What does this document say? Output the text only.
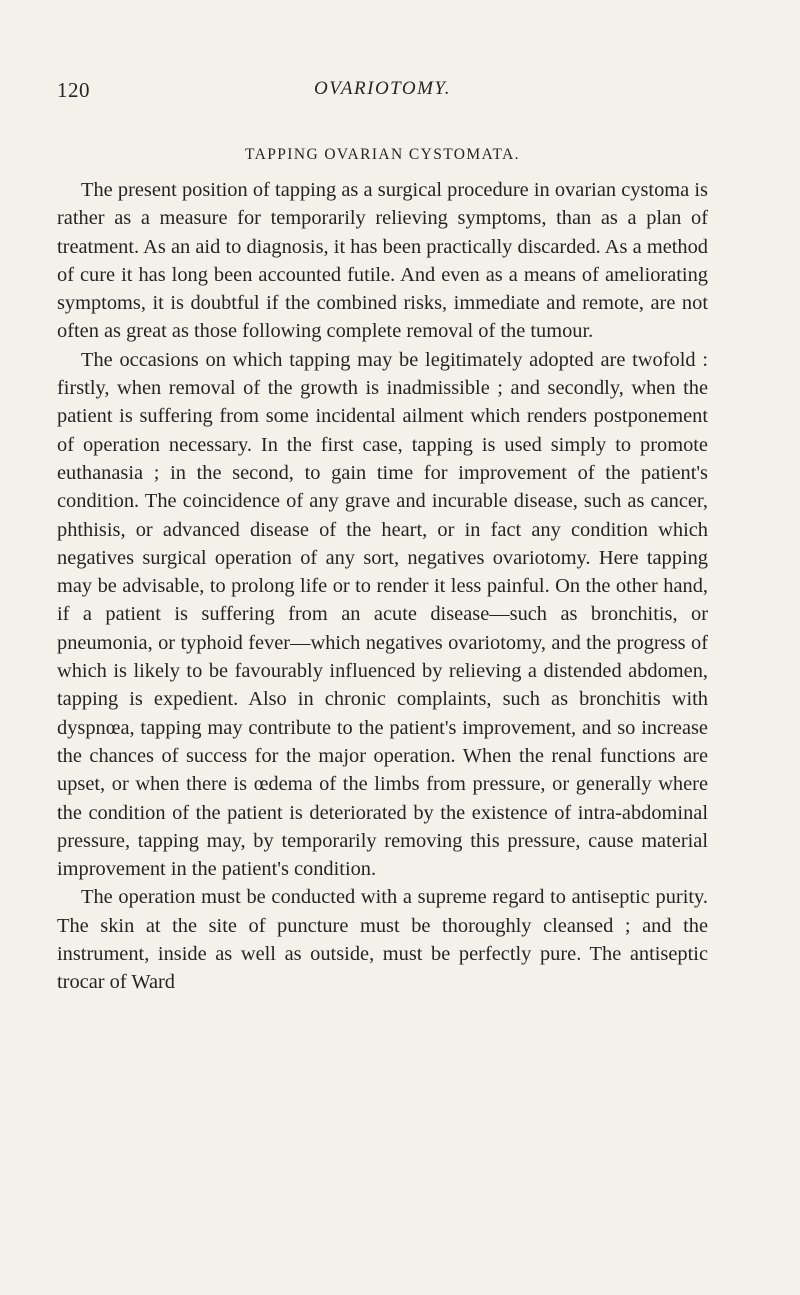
120	OVARIOTOMY.
TAPPING OVARIAN CYSTOMATA.

The present position of tapping as a surgical procedure in ovarian cystoma is rather as a measure for temporarily relieving symptoms, than as a plan of treatment. As an aid to diagnosis, it has been practically discarded. As a method of cure it has long been accounted futile. And even as a means of ameliorating symptoms, it is doubtful if the combined risks, immediate and remote, are not often as great as those following complete removal of the tumour.

The occasions on which tapping may be legitimately adopted are twofold : firstly, when removal of the growth is inadmissible ; and secondly, when the patient is suffering from some incidental ailment which renders postponement of operation necessary. In the first case, tapping is used simply to promote euthanasia ; in the second, to gain time for improvement of the patient's condition. The coincidence of any grave and incurable disease, such as cancer, phthisis, or advanced disease of the heart, or in fact any condition which negatives surgical operation of any sort, negatives ovariotomy. Here tapping may be advisable, to prolong life or to render it less painful. On the other hand, if a patient is suffering from an acute disease—such as bronchitis, or pneumonia, or typhoid fever—which negatives ovariotomy, and the progress of which is likely to be favourably influenced by relieving a distended abdomen, tapping is expedient. Also in chronic complaints, such as bronchitis with dyspnœa, tapping may contribute to the patient's improvement, and so increase the chances of success for the major operation. When the renal functions are upset, or when there is œdema of the limbs from pressure, or generally where the condition of the patient is deteriorated by the existence of intra-abdominal pressure, tapping may, by temporarily removing this pressure, cause material improvement in the patient's condition.

The operation must be conducted with a supreme regard to antiseptic purity. The skin at the site of puncture must be thoroughly cleansed ; and the instrument, inside as well as outside, must be perfectly pure. The antiseptic trocar of Ward
